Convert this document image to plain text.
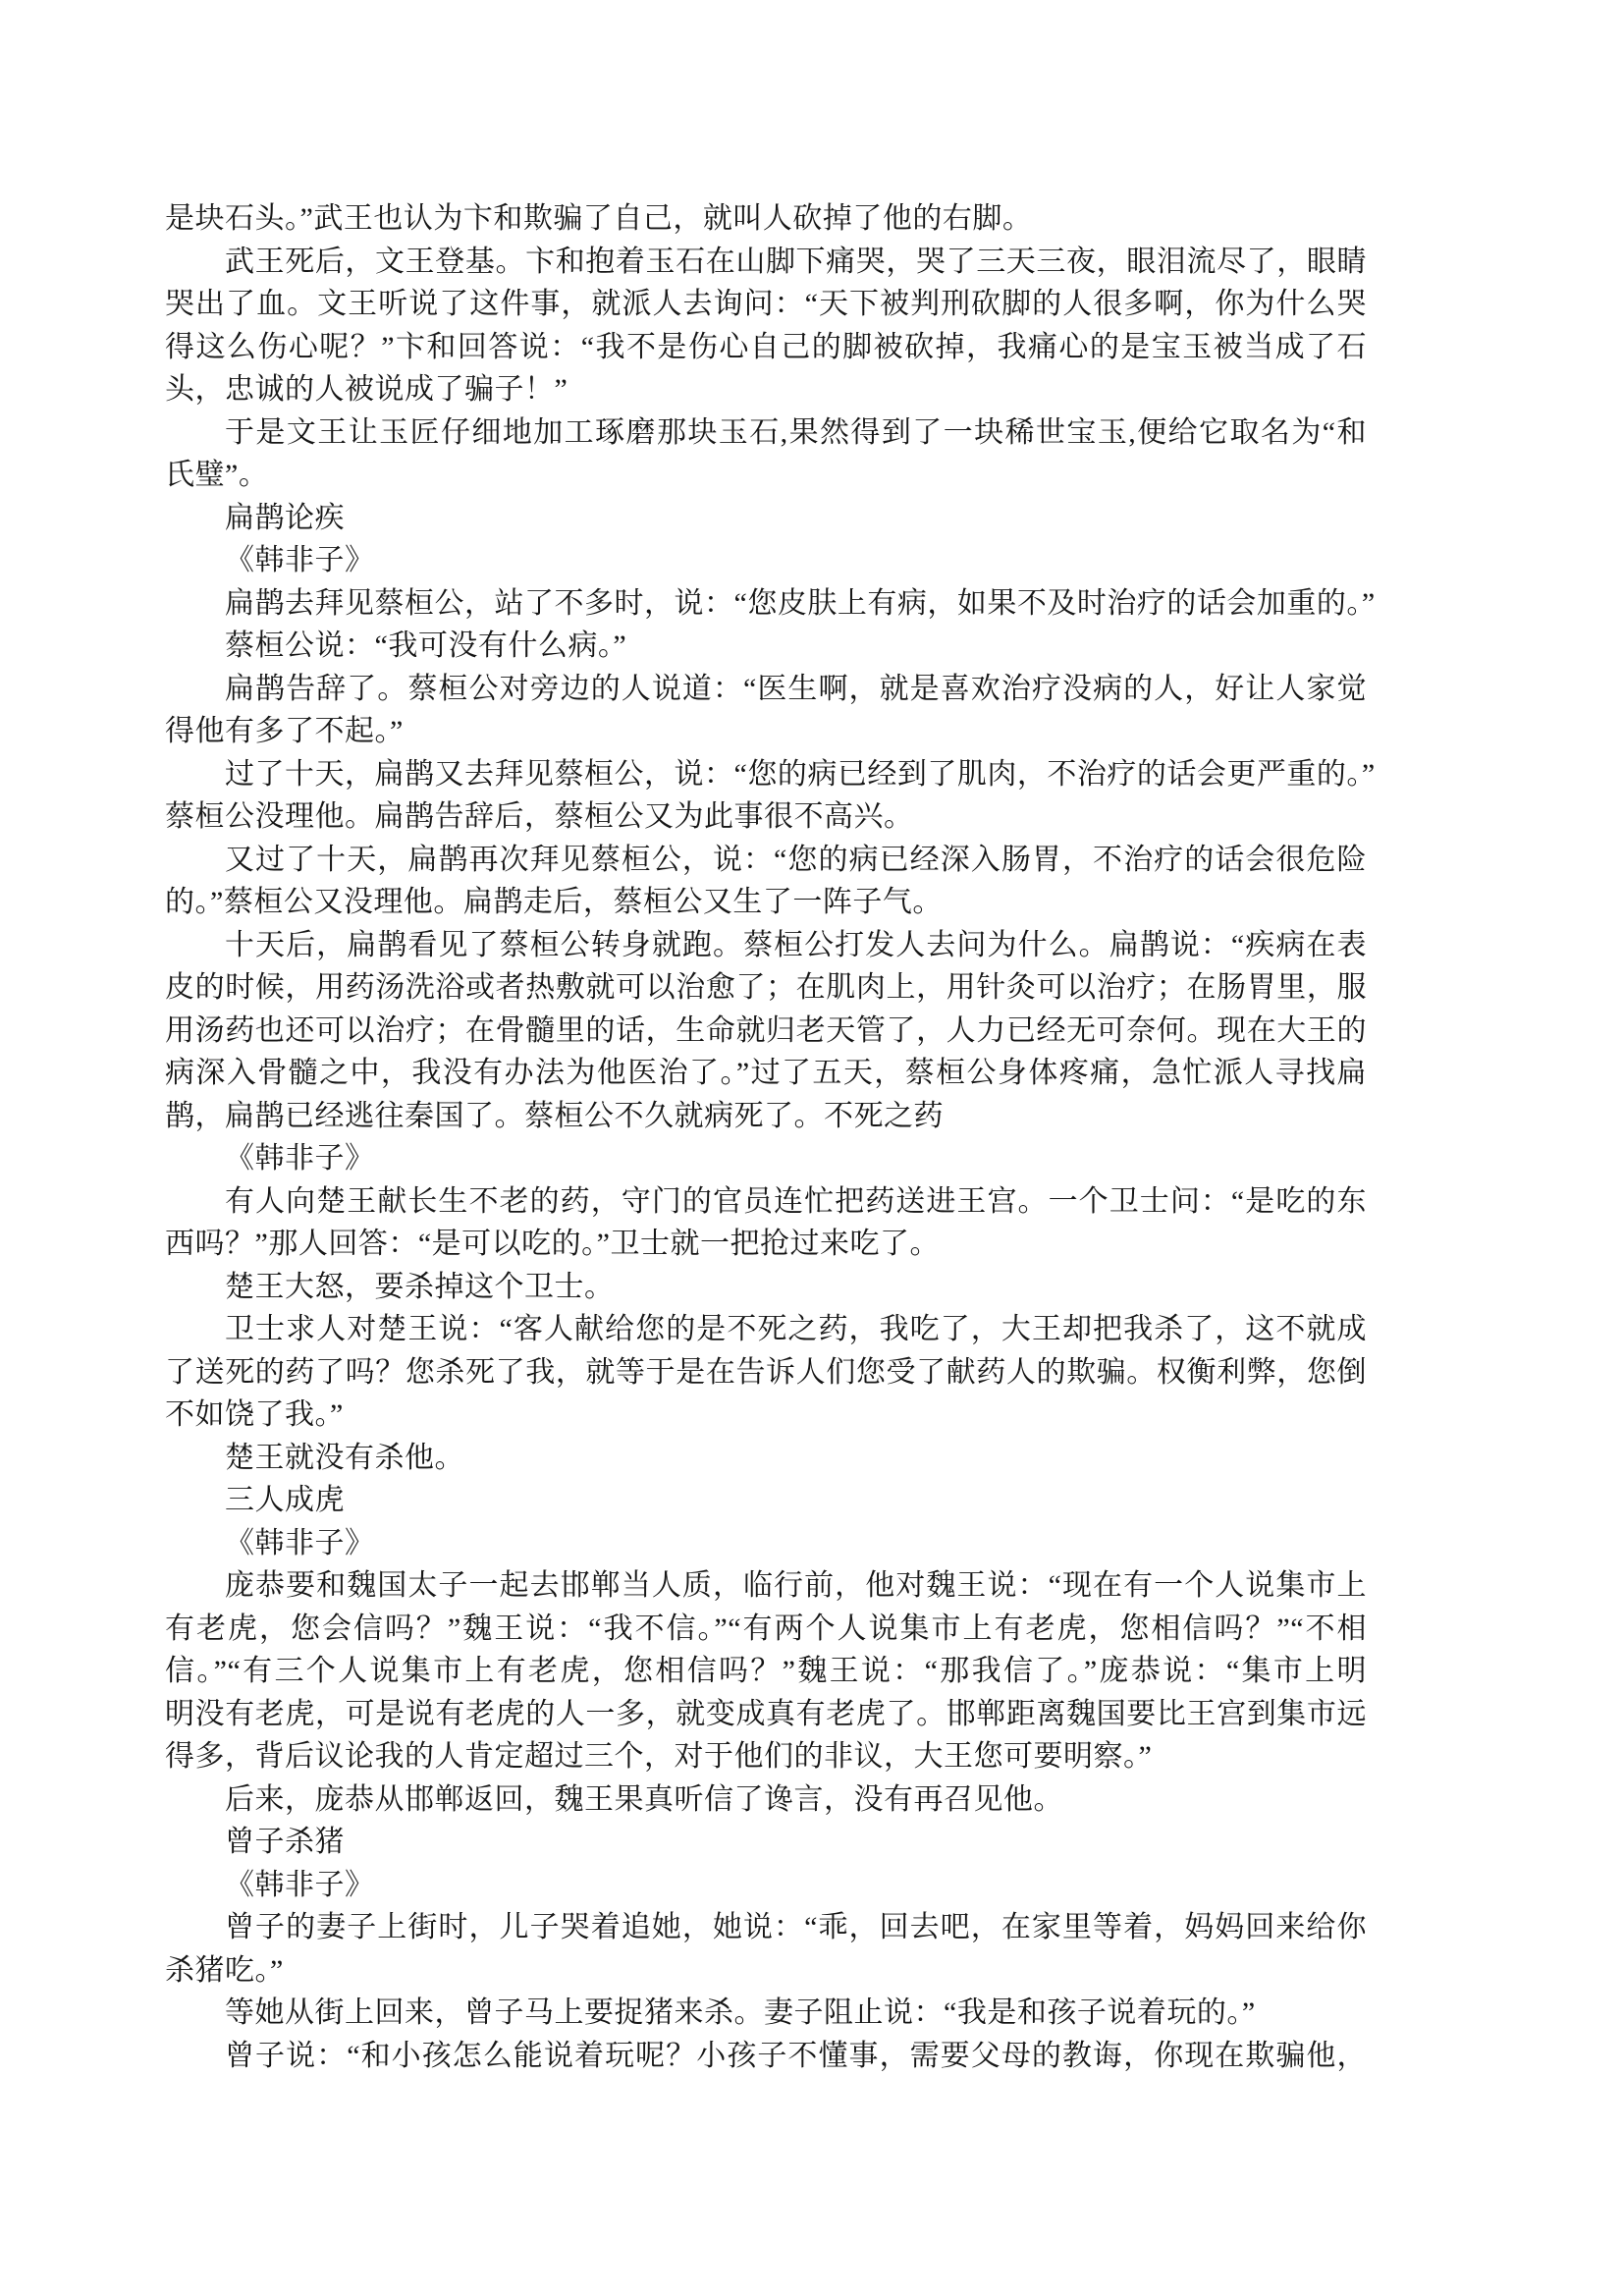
是块石头。”武王也认为卞和欺骗了自己，就叫人砍掉了他的右脚。
武王死后，文王登基。卞和抱着玉石在山脚下痛哭，哭了三天三夜，眼泪流尽了，眼睛
哭出了血。文王听说了这件事，就派人去询问：“天下被判刑砍脚的人很多啊，你为什么哭
得这么伤心呢？”卞和回答说：“我不是伤心自己的脚被砍掉，我痛心的是宝玉被当成了石
头，忠诚的人被说成了骗子！”
于是文王让玉匠仔细地加工琢磨那块玉石,果然得到了一块稀世宝玉,便给它取名为“和
氏璧”。
扁鹊论疾
《韩非子》
扁鹊去拜见蔡桓公，站了不多时，说：“您皮肤上有病，如果不及时治疗的话会加重的。”
蔡桓公说：“我可没有什么病。”
扁鹊告辞了。蔡桓公对旁边的人说道：“医生啊，就是喜欢治疗没病的人，好让人家觉
得他有多了不起。”
过了十天，扁鹊又去拜见蔡桓公，说：“您的病已经到了肌肉，不治疗的话会更严重的。”
蔡桓公没理他。扁鹊告辞后，蔡桓公又为此事很不高兴。
又过了十天，扁鹊再次拜见蔡桓公，说：“您的病已经深入肠胃，不治疗的话会很危险
的。”蔡桓公又没理他。扁鹊走后，蔡桓公又生了一阵子气。
十天后，扁鹊看见了蔡桓公转身就跑。蔡桓公打发人去问为什么。扁鹊说：“疾病在表
皮的时候，用药汤洗浴或者热敷就可以治愈了；在肌肉上，用针灸可以治疗；在肠胃里，服
用汤药也还可以治疗；在骨髓里的话，生命就归老天管了，人力已经无可奈何。现在大王的
病深入骨髓之中，我没有办法为他医治了。”过了五天，蔡桓公身体疼痛，急忙派人寻找扁
鹊，扁鹊已经逃往秦国了。蔡桓公不久就病死了。不死之药
《韩非子》
有人向楚王献长生不老的药，守门的官员连忙把药送进王宫。一个卫士问：“是吃的东
西吗？”那人回答：“是可以吃的。”卫士就一把抢过来吃了。
楚王大怒，要杀掉这个卫士。
卫士求人对楚王说：“客人献给您的是不死之药，我吃了，大王却把我杀了，这不就成
了送死的药了吗？您杀死了我，就等于是在告诉人们您受了献药人的欺骗。权衡利弊，您倒
不如饶了我。”
楚王就没有杀他。
三人成虎
《韩非子》
庞恭要和魏国太子一起去邯郸当人质，临行前，他对魏王说：“现在有一个人说集市上
有老虎，您会信吗？”魏王说：“我不信。”“有两个人说集市上有老虎，您相信吗？”“不相
信。”“有三个人说集市上有老虎，您相信吗？”魏王说：“那我信了。”庞恭说：“集市上明
明没有老虎，可是说有老虎的人一多，就变成真有老虎了。邯郸距离魏国要比王宫到集市远
得多，背后议论我的人肯定超过三个，对于他们的非议，大王您可要明察。”
后来，庞恭从邯郸返回，魏王果真听信了谗言，没有再召见他。
曾子杀猪
《韩非子》
曾子的妻子上街时，儿子哭着追她，她说：“乖，回去吧，在家里等着，妈妈回来给你
杀猪吃。”
等她从街上回来，曾子马上要捉猪来杀。妻子阻止说：“我是和孩子说着玩的。”
曾子说：“和小孩怎么能说着玩呢？小孩子不懂事，需要父母的教诲，你现在欺骗他，
